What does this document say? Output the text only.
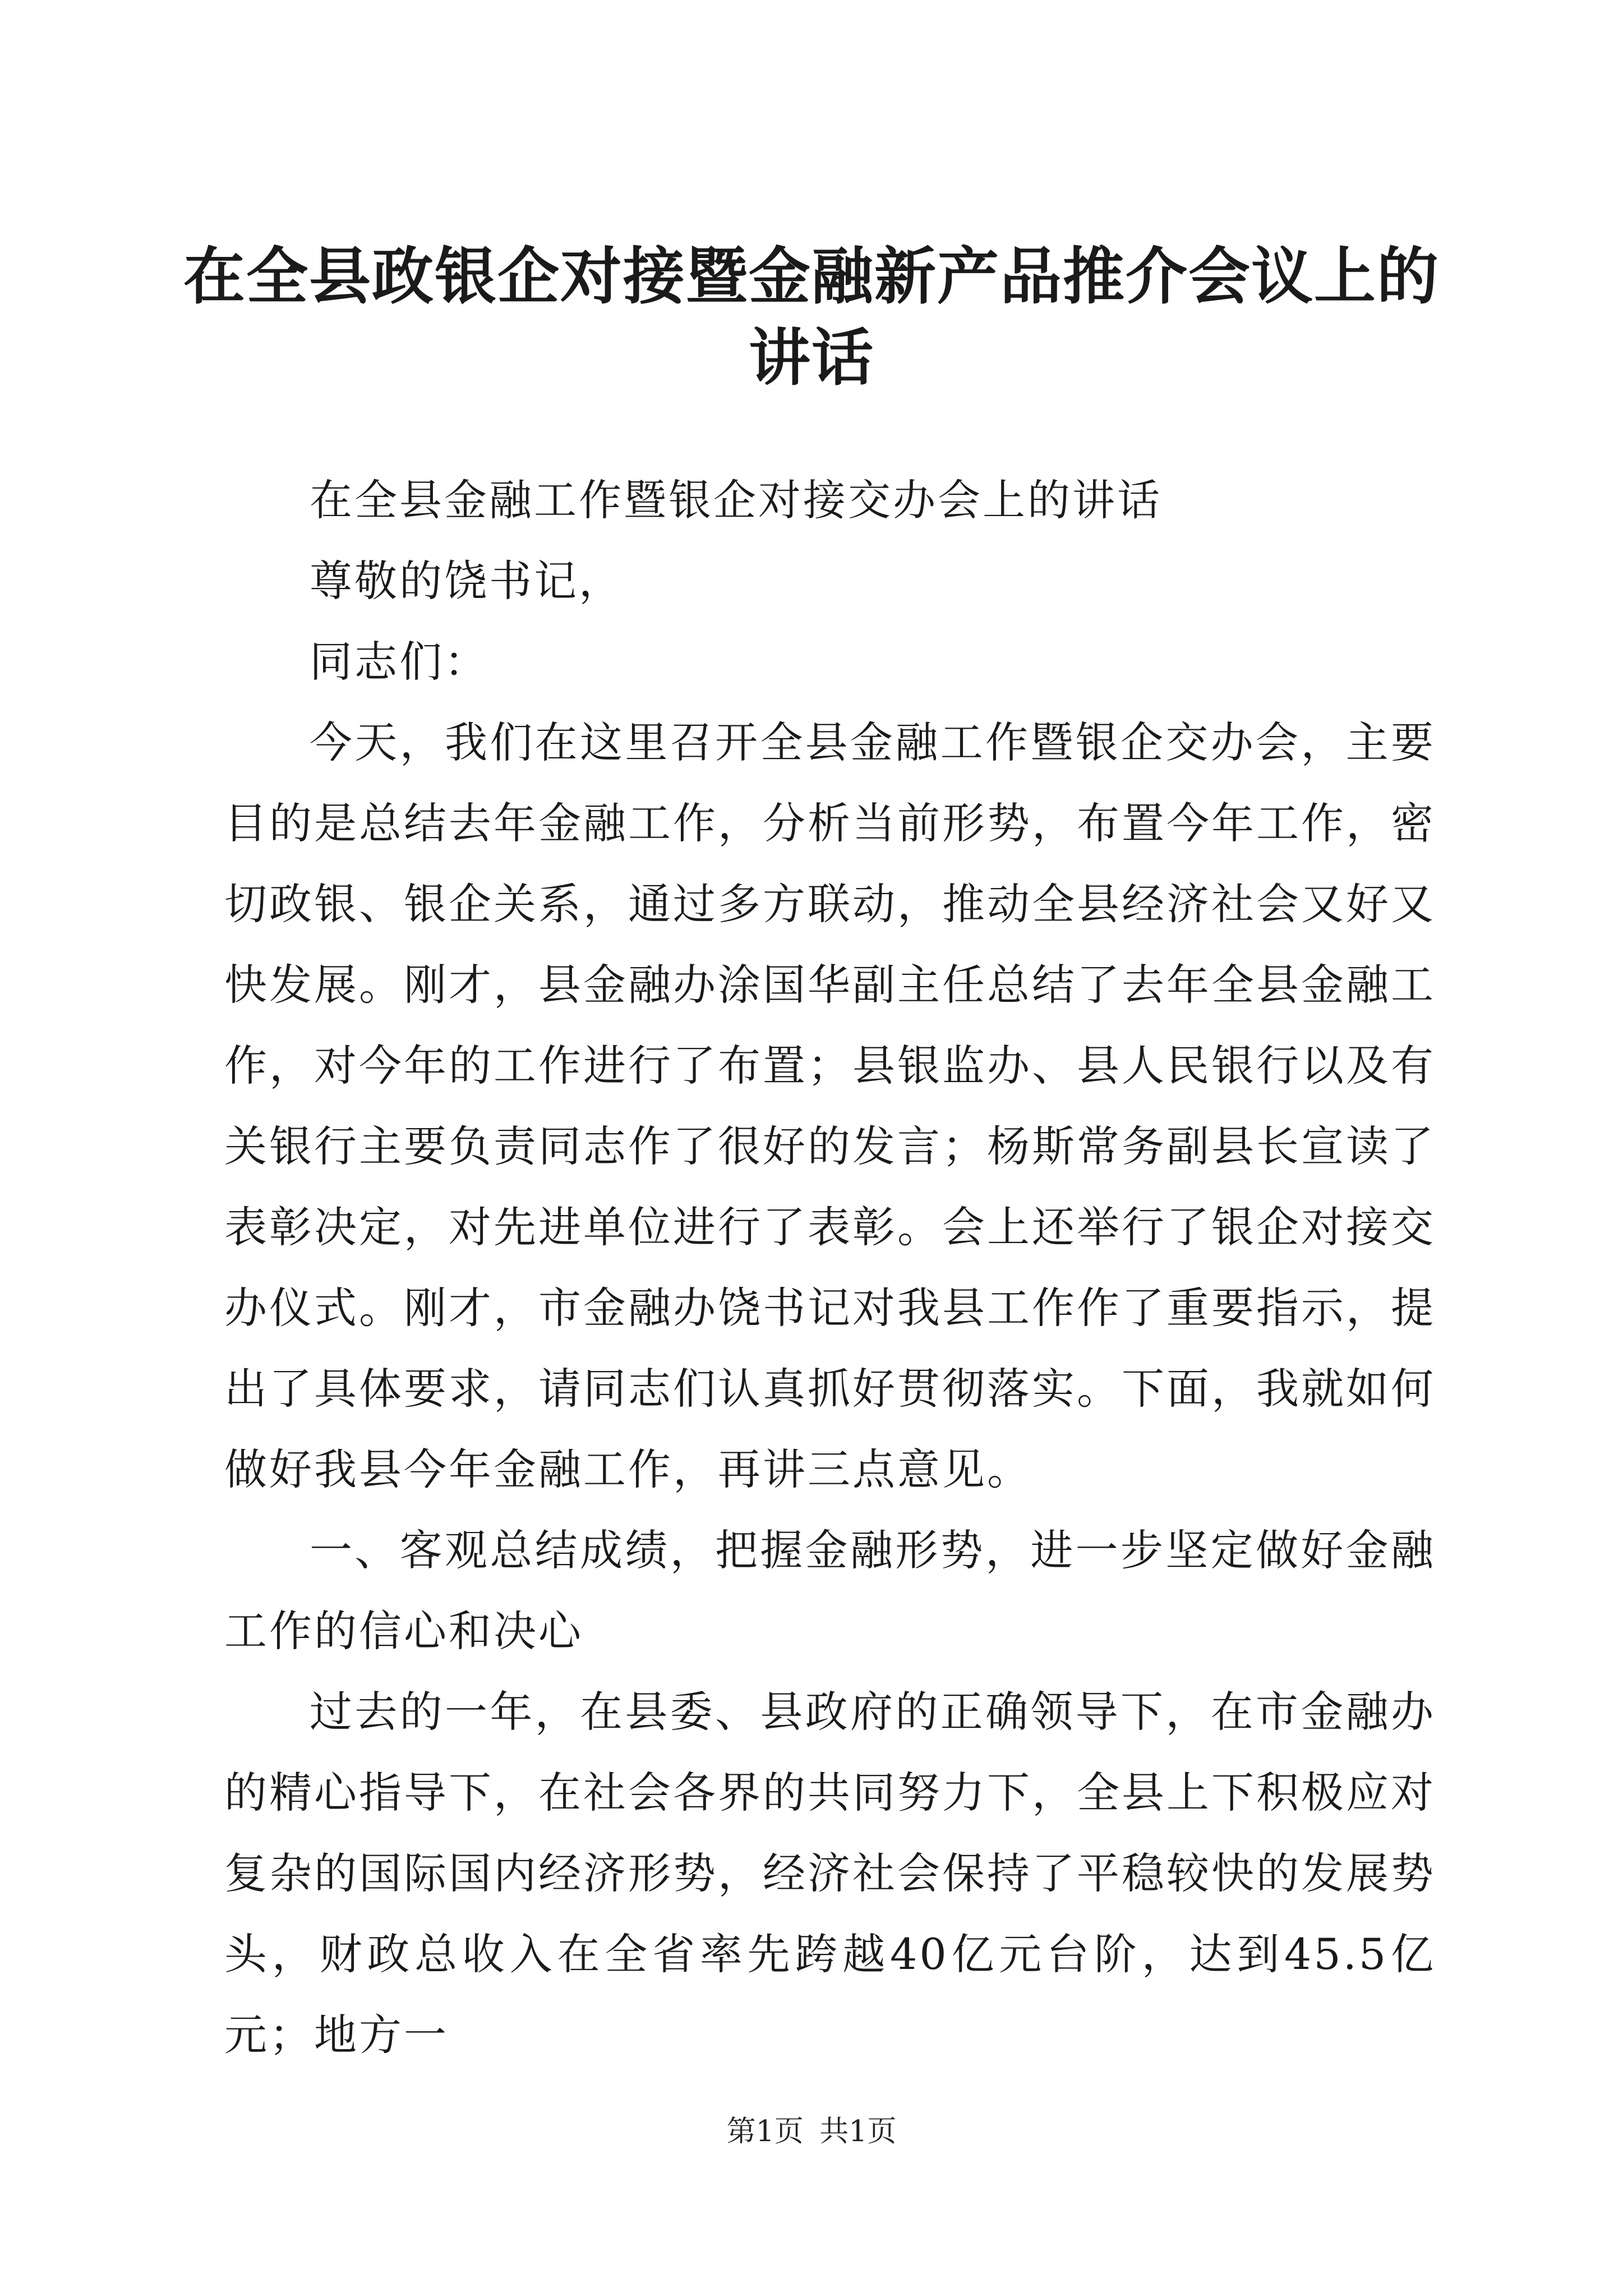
在全县政银企对接暨金融新产品推介会议上的讲话

在全县金融工作暨银企对接交办会上的讲话

尊敬的饶书记，

同志们：

今天，我们在这里召开全县金融工作暨银企交办会，主要目的是总结去年金融工作，分析当前形势，布置今年工作，密切政银、银企关系，通过多方联动，推动全县经济社会又好又快发展。刚才，县金融办涂国华副主任总结了去年全县金融工作，对今年的工作进行了布置；县银监办、县人民银行以及有关银行主要负责同志作了很好的发言；杨斯常务副县长宣读了表彰决定，对先进单位进行了表彰。会上还举行了银企对接交办仪式。刚才，市金融办饶书记对我县工作作了重要指示，提出了具体要求，请同志们认真抓好贯彻落实。下面，我就如何做好我县今年金融工作，再讲三点意见。

一、客观总结成绩，把握金融形势，进一步坚定做好金融工作的信心和决心

过去的一年，在县委、县政府的正确领导下，在市金融办的精心指导下，在社会各界的共同努力下，全县上下积极应对复杂的国际国内经济形势，经济社会保持了平稳较快的发展势头，财政总收入在全省率先跨越40亿元台阶，达到45.5亿元；地方一

第1页 共1页
